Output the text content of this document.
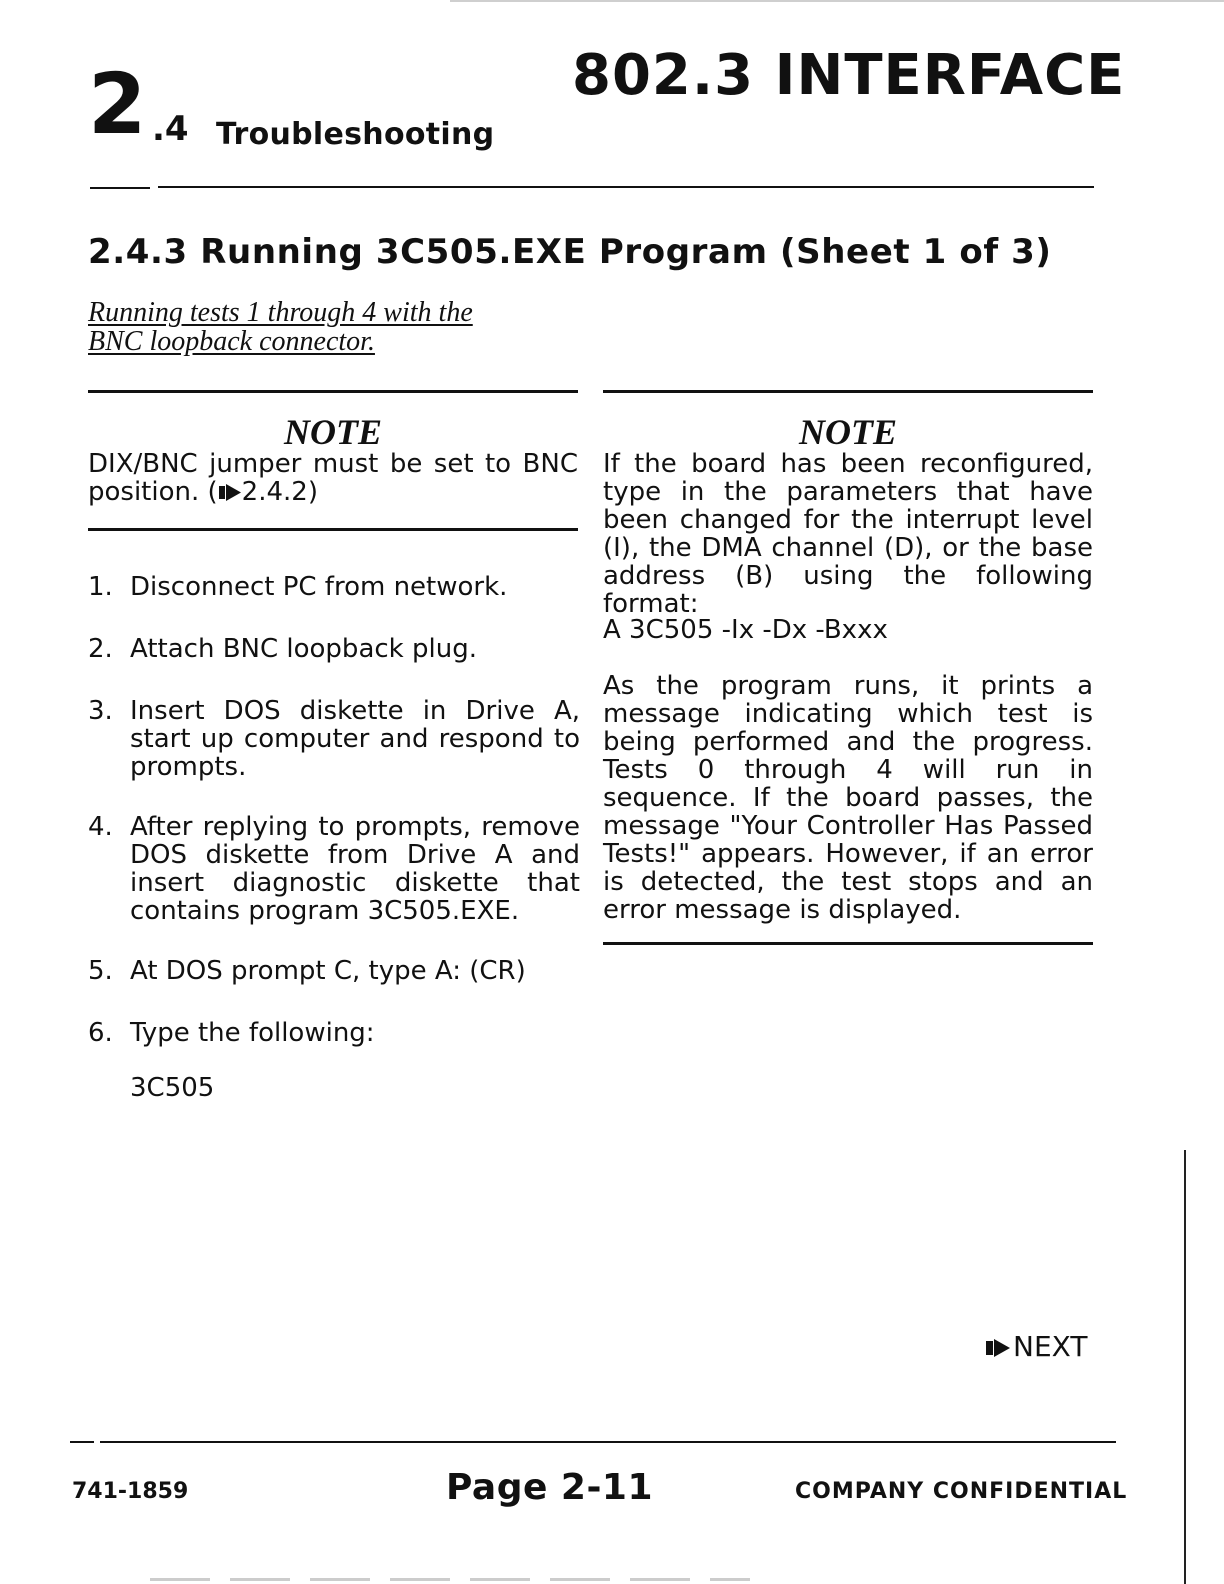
2 .4 Troubleshooting
802.3 INTERFACE
2.4.3 Running 3C505.EXE Program (Sheet 1 of 3)
Running tests 1 through 4 with the
BNC loopback connector.
NOTE
DIX/BNC jumper must be set to BNC position. ( 2.4.2)
1. Disconnect PC from network.
2. Attach BNC loopback plug.
3. Insert DOS diskette in Drive A, start up computer and respond to prompts.
4. After replying to prompts, remove DOS diskette from Drive A and insert diagnostic diskette that contains program 3C505.EXE.
5. At DOS prompt C, type A: (CR)
6. Type the following:
3C505
NOTE
If the board has been reconfigured, type in the parameters that have been changed for the interrupt level (I), the DMA channel (D), or the base address (B) using the following format:
A 3C505 -Ix -Dx -Bxxx
As the program runs, it prints a message indicating which test is being performed and the progress. Tests 0 through 4 will run in sequence. If the board passes, the message "Your Controller Has Passed Tests!" appears. However, if an error is detected, the test stops and an error message is displayed.
NEXT
741-1859	Page 2-11	COMPANY CONFIDENTIAL
